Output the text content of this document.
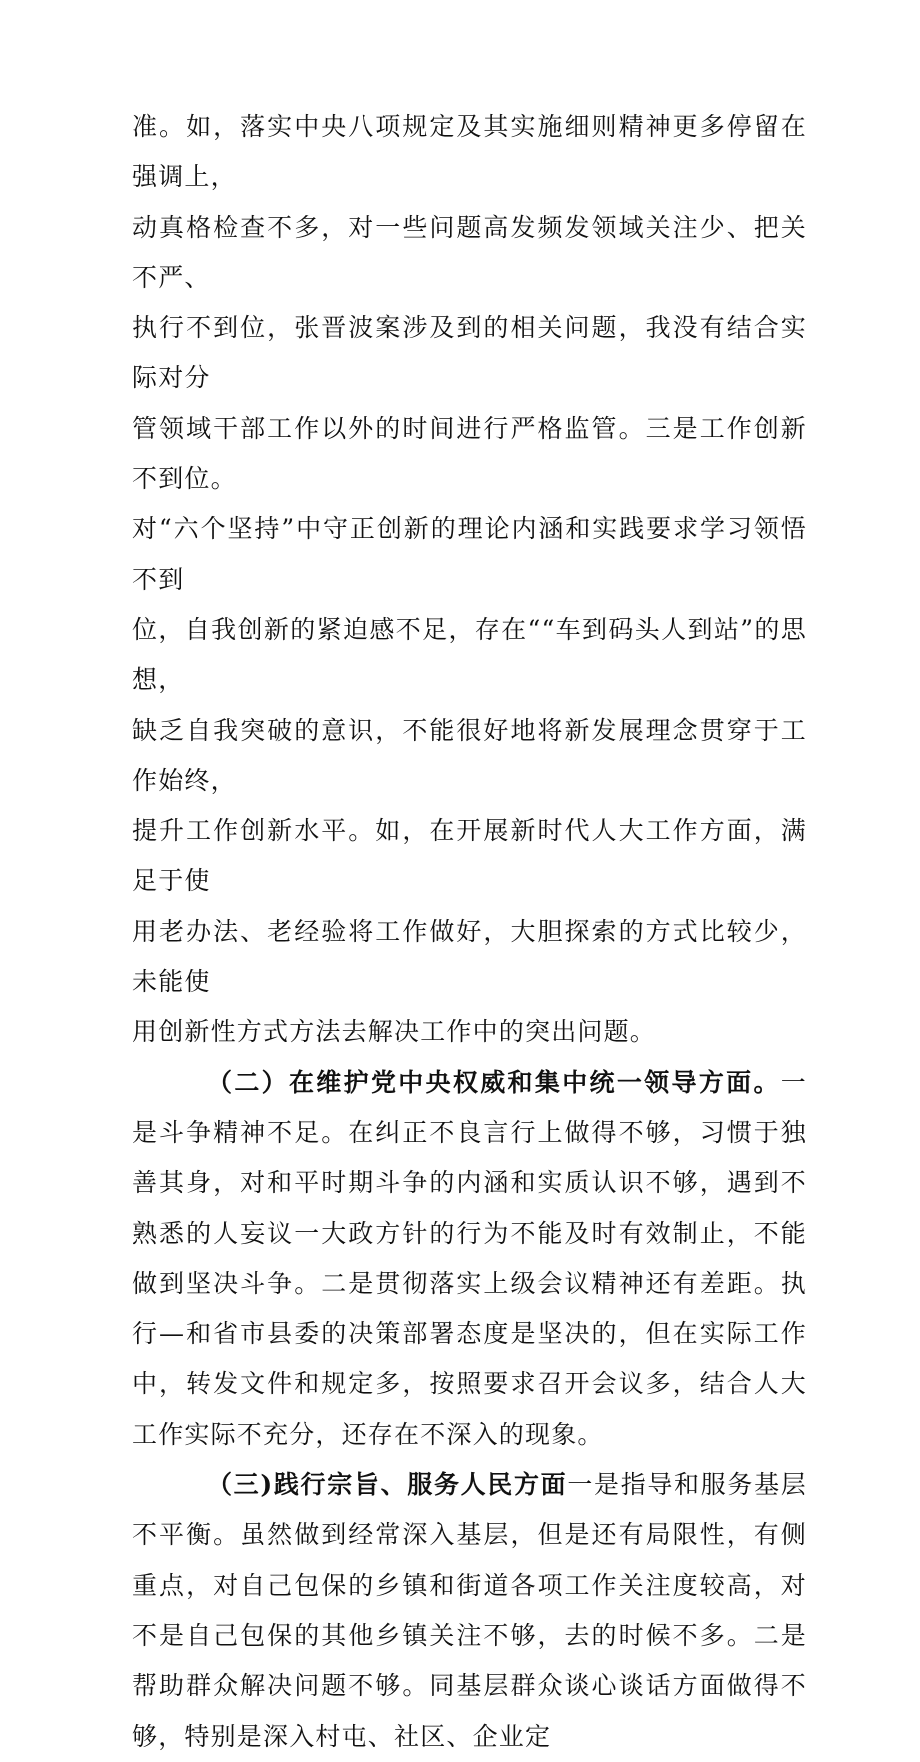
准。如，落实中央八项规定及其实施细则精神更多停留在强调上，
动真格检查不多，对一些问题高发频发领域关注少、把关不严、
执行不到位，张晋波案涉及到的相关问题，我没有结合实际对分
管领域干部工作以外的时间进行严格监管。三是工作创新不到位。
对“六个坚持”中守正创新的理论内涵和实践要求学习领悟不到
位，自我创新的紧迫感不足，存在““车到码头人到站”的思想，
缺乏自我突破的意识，不能很好地将新发展理念贯穿于工作始终，
提升工作创新水平。如，在开展新时代人大工作方面，满足于使
用老办法、老经验将工作做好，大胆探索的方式比较少，未能使
用创新性方式方法去解决工作中的突出问题。

（二）在维护党中央权威和集中统一领导方面。一是斗争精神不足。在纠正不良言行上做得不够，习惯于独善其身，对和平时期斗争的内涵和实质认识不够，遇到不熟悉的人妄议一大政方针的行为不能及时有效制止，不能做到坚决斗争。二是贯彻落实上级会议精神还有差距。执行—和省市县委的决策部署态度是坚决的，但在实际工作中，转发文件和规定多，按照要求召开会议多，结合人大工作实际不充分，还存在不深入的现象。

（三)践行宗旨、服务人民方面一是指导和服务基层不平衡。虽然做到经常深入基层，但是还有局限性，有侧重点，对自己包保的乡镇和街道各项工作关注度较高，对不是自己包保的其他乡镇关注不够，去的时候不多。二是帮助群众解决问题不够。同基层群众谈心谈话方面做得不够，特别是深入村屯、社区、企业定
